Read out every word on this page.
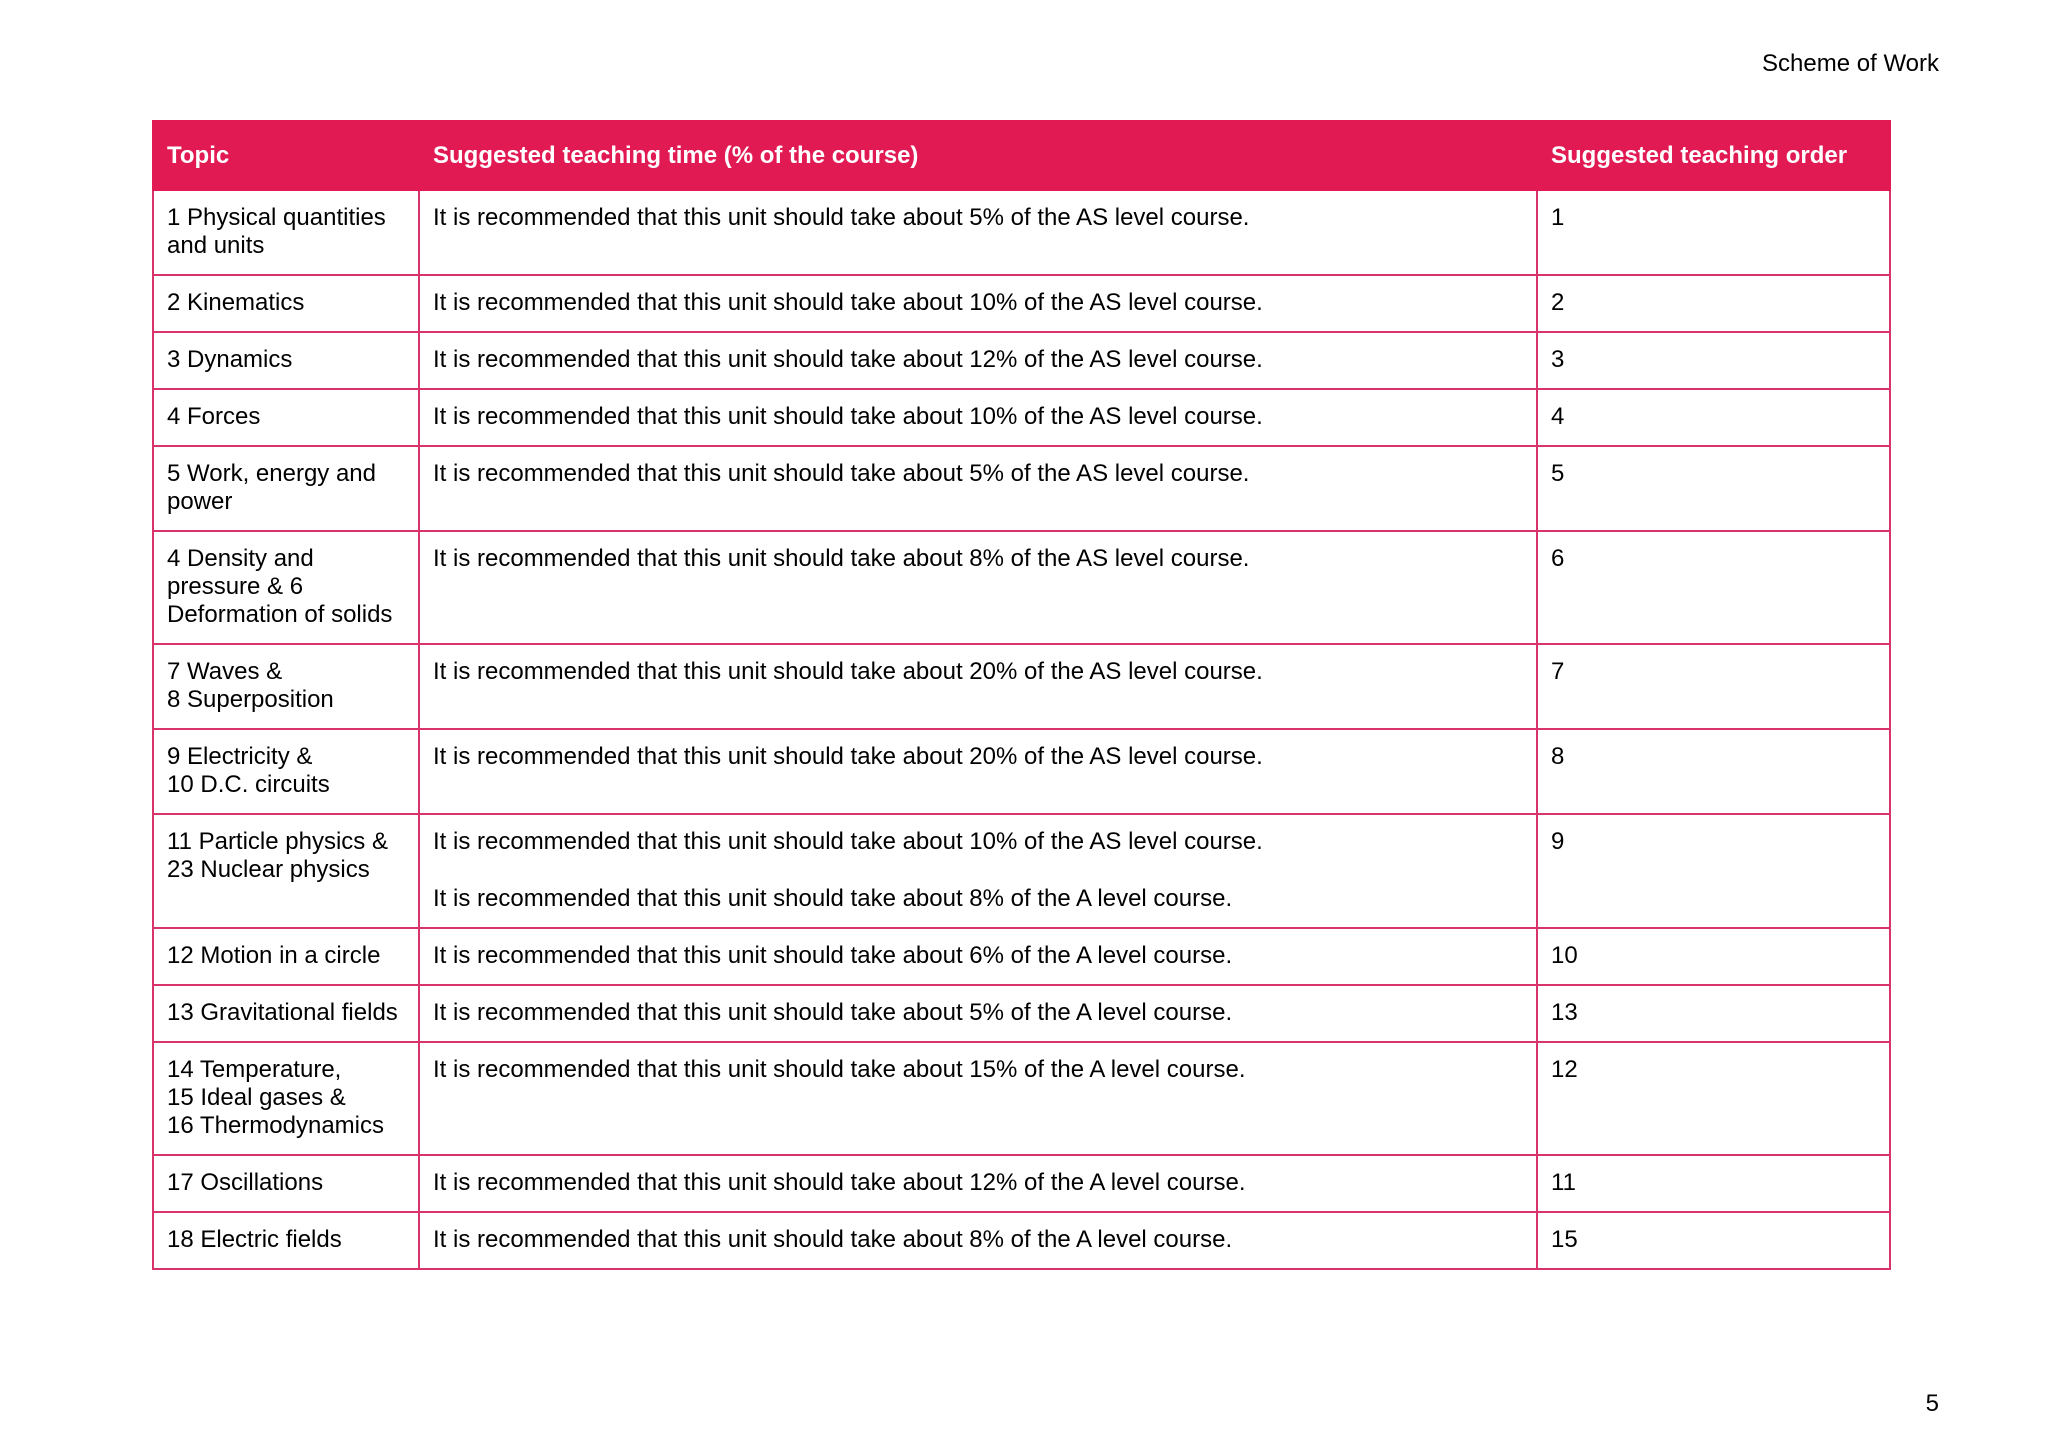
Scheme of Work
Topic	Suggested teaching time (% of the course)	Suggested teaching order

1 Physical quantities
and units	It is recommended that this unit should take about 5% of the AS level course.	1

2 Kinematics	It is recommended that this unit should take about 10% of the AS level course.	2

3 Dynamics	It is recommended that this unit should take about 12% of the AS level course.	3

4 Forces	It is recommended that this unit should take about 10% of the AS level course.	4

5 Work, energy and
power	It is recommended that this unit should take about 5% of the AS level course.	5

4 Density and
pressure & 6
Deformation of solids	It is recommended that this unit should take about 8% of the AS level course.	6

7 Waves &
8 Superposition	It is recommended that this unit should take about 20% of the AS level course.	7

9 Electricity &
10 D.C. circuits	It is recommended that this unit should take about 20% of the AS level course.	8

11 Particle physics &
23 Nuclear physics	It is recommended that this unit should take about 10% of the AS level course.
It is recommended that this unit should take about 8% of the A level course.	9

12 Motion in a circle	It is recommended that this unit should take about 6% of the A level course.	10

13 Gravitational fields	It is recommended that this unit should take about 5% of the A level course.	13

14 Temperature,
15 Ideal gases &
16 Thermodynamics	It is recommended that this unit should take about 15% of the A level course.	12

17 Oscillations	It is recommended that this unit should take about 12% of the A level course.	11

18 Electric fields	It is recommended that this unit should take about 8% of the A level course.	15
5
